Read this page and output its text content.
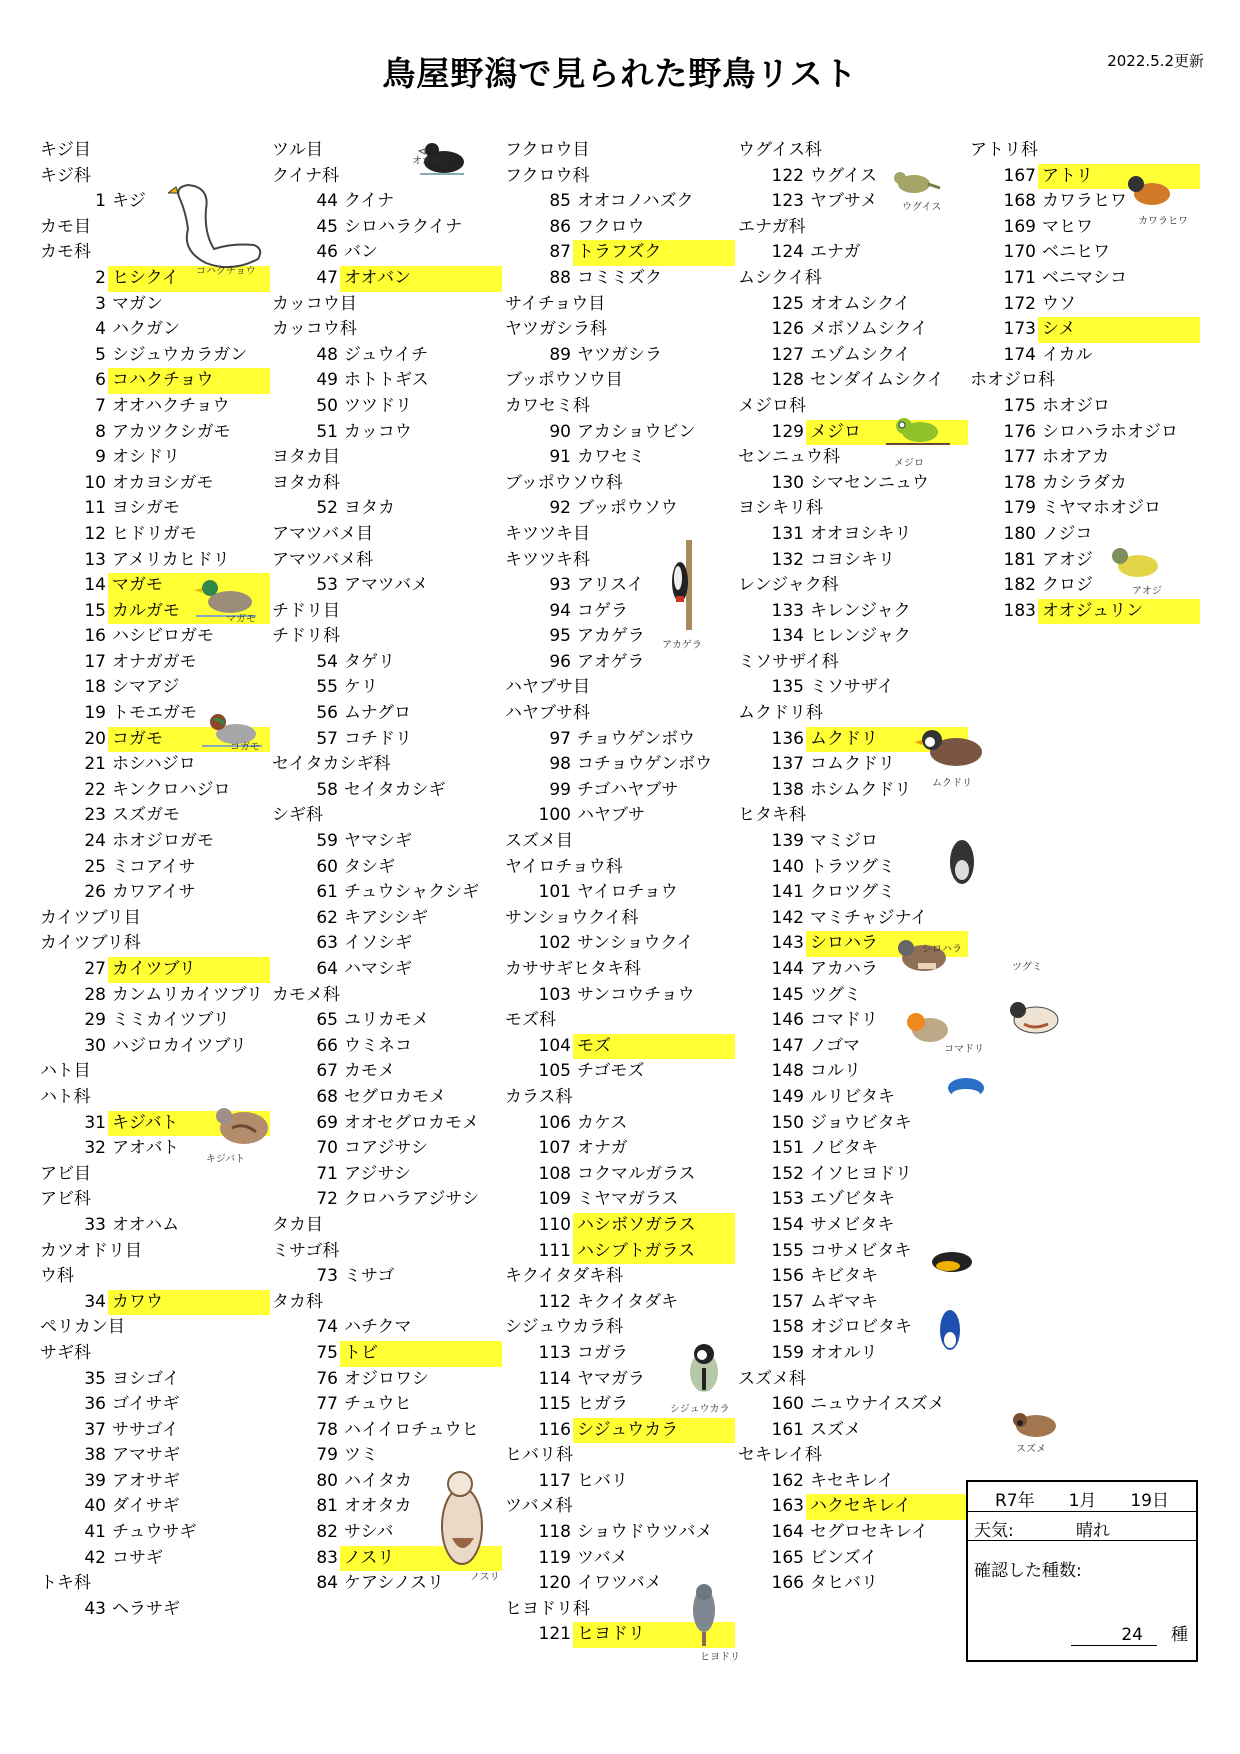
鳥屋野潟で見られた野鳥リスト	2022.5.2更新
キジ目
キジ科
1 キジ
カモ目
カモ科
2 ヒシクイ
3 マガン
4 ハクガン
5 シジュウカラガン
6 コハクチョウ
7 オオハクチョウ
8 アカツクシガモ
9 オシドリ
10 オカヨシガモ
11 ヨシガモ
12 ヒドリガモ
13 アメリカヒドリ
14 マガモ
15 カルガモ
16 ハシビロガモ
17 オナガガモ
18 シマアジ
19 トモエガモ
20 コガモ
21 ホシハジロ
22 キンクロハジロ
23 スズガモ
24 ホオジロガモ
25 ミコアイサ
26 カワアイサ
カイツブリ目
カイツブリ科
27 カイツブリ
28 カンムリカイツブリ
29 ミミカイツブリ
30 ハジロカイツブリ
ハト目
ハト科
31 キジバト
32 アオバト
アビ目
アビ科
33 オオハム
カツオドリ目
ウ科
34 カワウ
ペリカン目
サギ科
35 ヨシゴイ
36 ゴイサギ
37 ササゴイ
38 アマサギ
39 アオサギ
40 ダイサギ
41 チュウサギ
42 コサギ
トキ科
43 ヘラサギ
ツル目
クイナ科
44 クイナ
45 シロハラクイナ
46 バン
47 オオバン
カッコウ目
カッコウ科
48 ジュウイチ
49 ホトトギス
50 ツツドリ
51 カッコウ
ヨタカ目
ヨタカ科
52 ヨタカ
アマツバメ目
アマツバメ科
53 アマツバメ
チドリ目
チドリ科
54 タゲリ
55 ケリ
56 ムナグロ
57 コチドリ
セイタカシギ科
58 セイタカシギ
シギ科
59 ヤマシギ
60 タシギ
61 チュウシャクシギ
62 キアシシギ
63 イソシギ
64 ハマシギ
カモメ科
65 ユリカモメ
66 ウミネコ
67 カモメ
68 セグロカモメ
69 オオセグロカモメ
70 コアジサシ
71 アジサシ
72 クロハラアジサシ
タカ目
ミサゴ科
73 ミサゴ
タカ科
74 ハチクマ
75 トビ
76 オジロワシ
77 チュウヒ
78 ハイイロチュウヒ
79 ツミ
80 ハイタカ
81 オオタカ
82 サシバ
83 ノスリ
84 ケアシノスリ
フクロウ目
フクロウ科
85 オオコノハズク
86 フクロウ
87 トラフズク
88 コミミズク
サイチョウ目
ヤツガシラ科
89 ヤツガシラ
ブッポウソウ目
カワセミ科
90 アカショウビン
91 カワセミ
ブッポウソウ科
92 ブッポウソウ
キツツキ目
キツツキ科
93 アリスイ
94 コゲラ
95 アカゲラ
96 アオゲラ
ハヤブサ目
ハヤブサ科
97 チョウゲンボウ
98 コチョウゲンボウ
99 チゴハヤブサ
100 ハヤブサ
スズメ目
ヤイロチョウ科
101 ヤイロチョウ
サンショウクイ科
102 サンショウクイ
カササギヒタキ科
103 サンコウチョウ
モズ科
104 モズ
105 チゴモズ
カラス科
106 カケス
107 オナガ
108 コクマルガラス
109 ミヤマガラス
110 ハシボソガラス
111 ハシブトガラス
キクイタダキ科
112 キクイタダキ
シジュウカラ科
113 コガラ
114 ヤマガラ
115 ヒガラ
116 シジュウカラ
ヒバリ科
117 ヒバリ
ツバメ科
118 ショウドウツバメ
119 ツバメ
120 イワツバメ
ヒヨドリ科
121 ヒヨドリ
ウグイス科
122 ウグイス
123 ヤブサメ
エナガ科
124 エナガ
ムシクイ科
125 オオムシクイ
126 メボソムシクイ
127 エゾムシクイ
128 センダイムシクイ
メジロ科
129 メジロ
センニュウ科
130 シマセンニュウ
ヨシキリ科
131 オオヨシキリ
132 コヨシキリ
レンジャク科
133 キレンジャク
134 ヒレンジャク
ミソサザイ科
135 ミソサザイ
ムクドリ科
136 ムクドリ
137 コムクドリ
138 ホシムクドリ
ヒタキ科
139 マミジロ
140 トラツグミ
141 クロツグミ
142 マミチャジナイ
143 シロハラ
144 アカハラ
145 ツグミ
146 コマドリ
147 ノゴマ
148 コルリ
149 ルリビタキ
150 ジョウビタキ
151 ノビタキ
152 イソヒヨドリ
153 エゾビタキ
154 サメビタキ
155 コサメビタキ
156 キビタキ
157 ムギマキ
158 オジロビタキ
159 オオルリ
スズメ科
160 ニュウナイスズメ
161 スズメ
セキレイ科
162 キセキレイ
163 ハクセキレイ
164 セグロセキレイ
165 ビンズイ
166 タヒバリ
アトリ科
167 アトリ
168 カワラヒワ
169 マヒワ
170 ベニヒワ
171 ベニマシコ
172 ウソ
173 シメ
174 イカル
ホオジロ科
175 ホオジロ
176 シロハラホオジロ
177 ホオアカ
178 カシラダカ
179 ミヤマホオジロ
180 ノジコ
181 アオジ
182 クロジ
183 オオジュリン
コハクチョウ
オオバン
マガモ
コガモ
キジバト
アカゲラ
ウグイス
メジロ
ムクドリ
シロハラ
ツグミ
コマドリ
スズメ
アオジ
カワラヒワ
ノスリ
シジュウカラ
ヒヨドリ
R7年 1月 19日
天気:	晴れ
確認した種数:
24 種
